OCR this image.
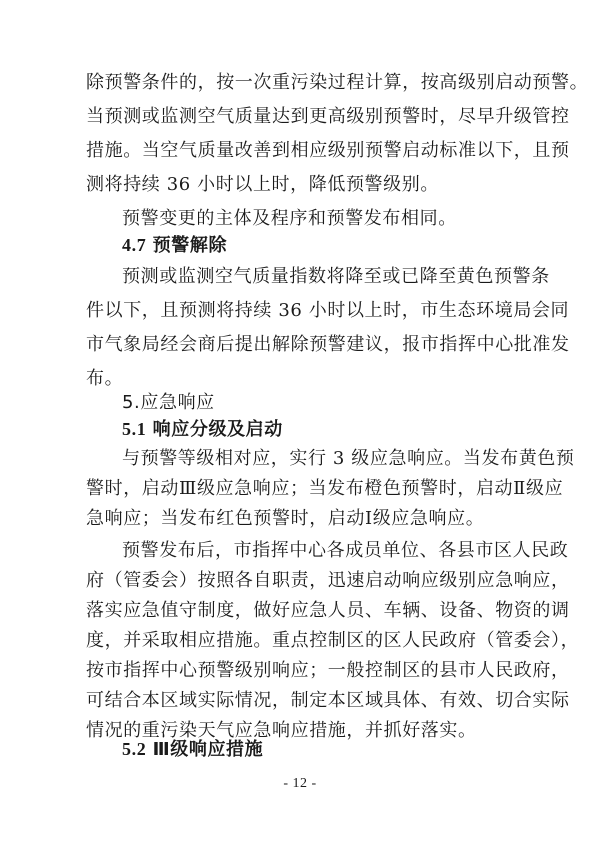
除预警条件的，按一次重污染过程计算，按高级别启动预警。
当预测或监测空气质量达到更高级别预警时，尽早升级管控
措施。当空气质量改善到相应级别预警启动标准以下，且预
测将持续 36 小时以上时，降低预警级别。
预警变更的主体及程序和预警发布相同。
4.7 预警解除
预测或监测空气质量指数将降至或已降至黄色预警条
件以下，且预测将持续 36 小时以上时，市生态环境局会同
市气象局经会商后提出解除预警建议，报市指挥中心批准发
布。
5.应急响应
5.1 响应分级及启动
与预警等级相对应，实行 3 级应急响应。当发布黄色预
警时，启动Ⅲ级应急响应；当发布橙色预警时，启动Ⅱ级应
急响应；当发布红色预警时，启动Ⅰ级应急响应。
预警发布后，市指挥中心各成员单位、各县市区人民政
府（管委会）按照各自职责，迅速启动响应级别应急响应，
落实应急值守制度，做好应急人员、车辆、设备、物资的调
度，并采取相应措施。重点控制区的区人民政府（管委会），
按市指挥中心预警级别响应；一般控制区的县市人民政府，
可结合本区域实际情况，制定本区域具体、有效、切合实际
情况的重污染天气应急响应措施，并抓好落实。
5.2 Ⅲ级响应措施
- 12 -
